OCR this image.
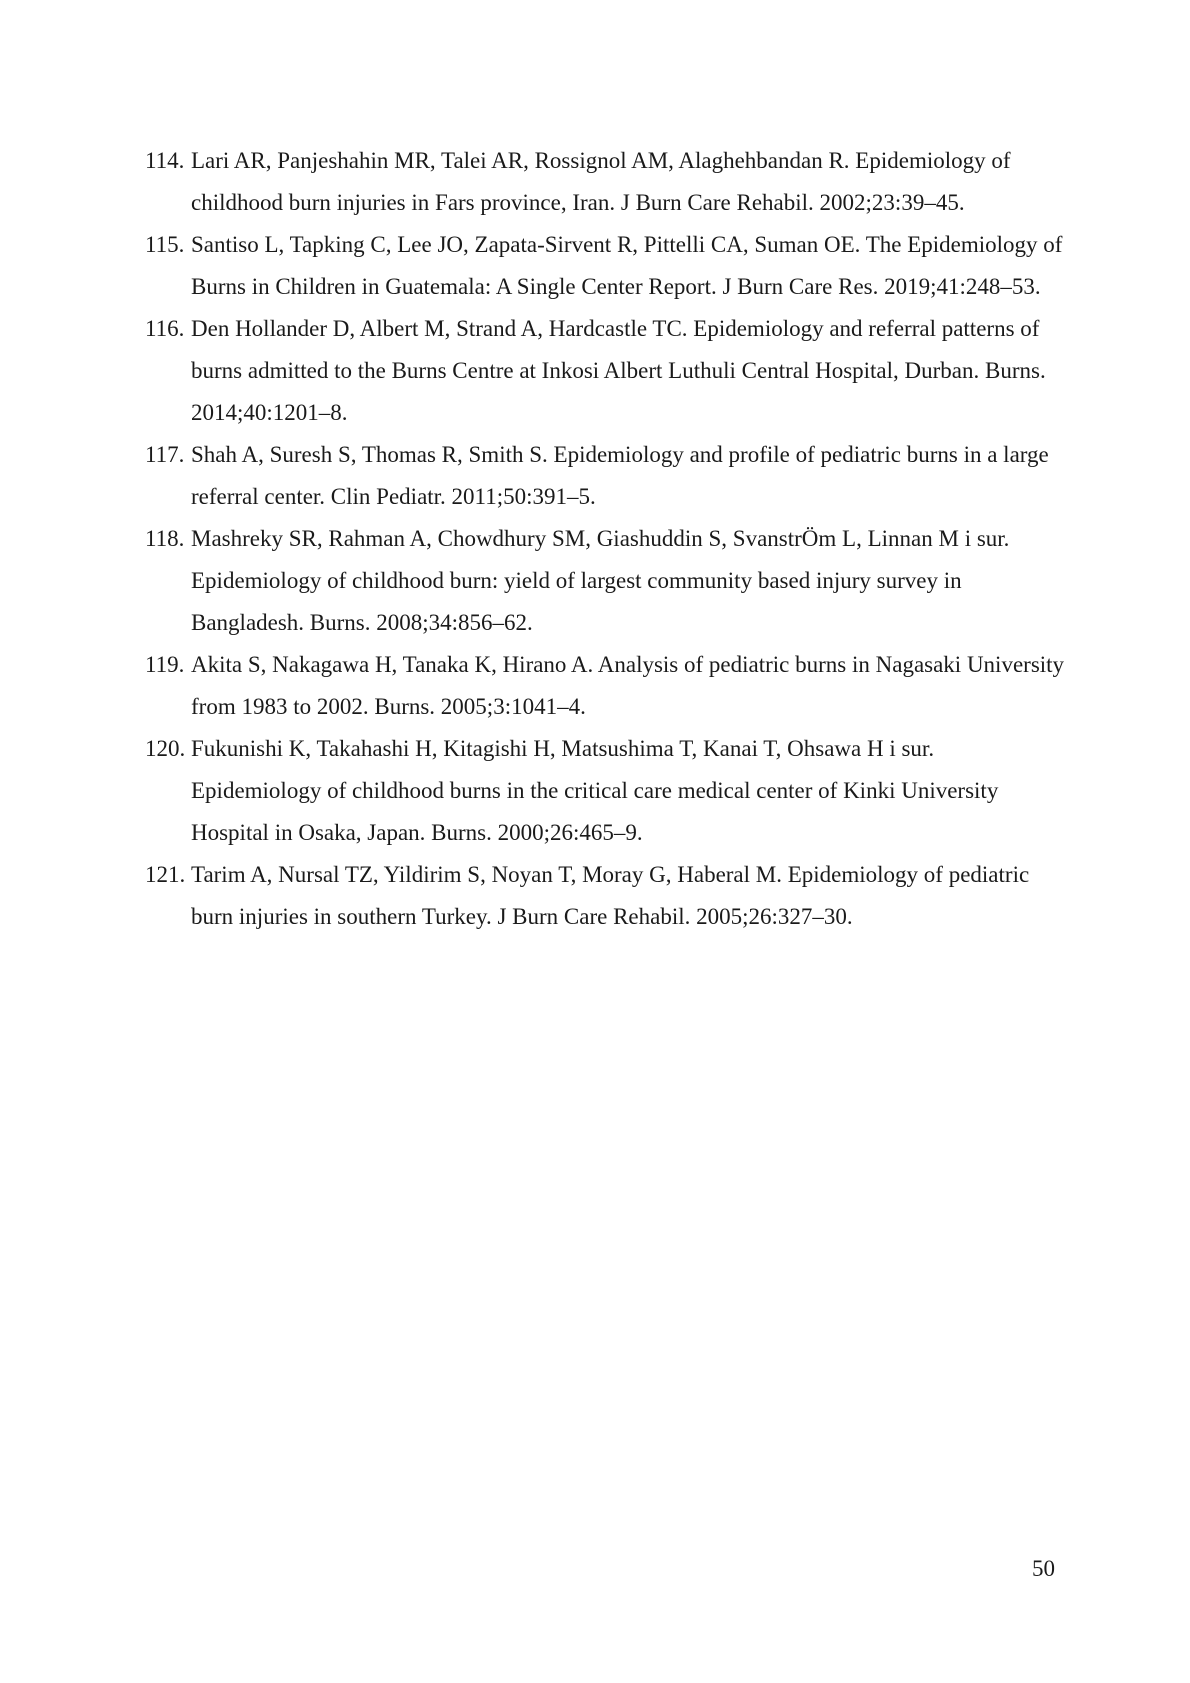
114. Lari AR, Panjeshahin MR, Talei AR, Rossignol AM, Alaghehbandan R. Epidemiology of childhood burn injuries in Fars province, Iran. J Burn Care Rehabil. 2002;23:39–45.
115. Santiso L, Tapking C, Lee JO, Zapata-Sirvent R, Pittelli CA, Suman OE. The Epidemiology of Burns in Children in Guatemala: A Single Center Report. J Burn Care Res. 2019;41:248–53.
116. Den Hollander D, Albert M, Strand A, Hardcastle TC. Epidemiology and referral patterns of burns admitted to the Burns Centre at Inkosi Albert Luthuli Central Hospital, Durban. Burns. 2014;40:1201–8.
117. Shah A, Suresh S, Thomas R, Smith S. Epidemiology and profile of pediatric burns in a large referral center. Clin Pediatr. 2011;50:391–5.
118. Mashreky SR, Rahman A, Chowdhury SM, Giashuddin S, SvanstrÖm L, Linnan M i sur. Epidemiology of childhood burn: yield of largest community based injury survey in Bangladesh. Burns. 2008;34:856–62.
119. Akita S, Nakagawa H, Tanaka K, Hirano A. Analysis of pediatric burns in Nagasaki University from 1983 to 2002. Burns. 2005;3:1041–4.
120. Fukunishi K, Takahashi H, Kitagishi H, Matsushima T, Kanai T, Ohsawa H i sur. Epidemiology of childhood burns in the critical care medical center of Kinki University Hospital in Osaka, Japan. Burns. 2000;26:465–9.
121. Tarim A, Nursal TZ, Yildirim S, Noyan T, Moray G, Haberal M. Epidemiology of pediatric burn injuries in southern Turkey. J Burn Care Rehabil. 2005;26:327–30.
50
